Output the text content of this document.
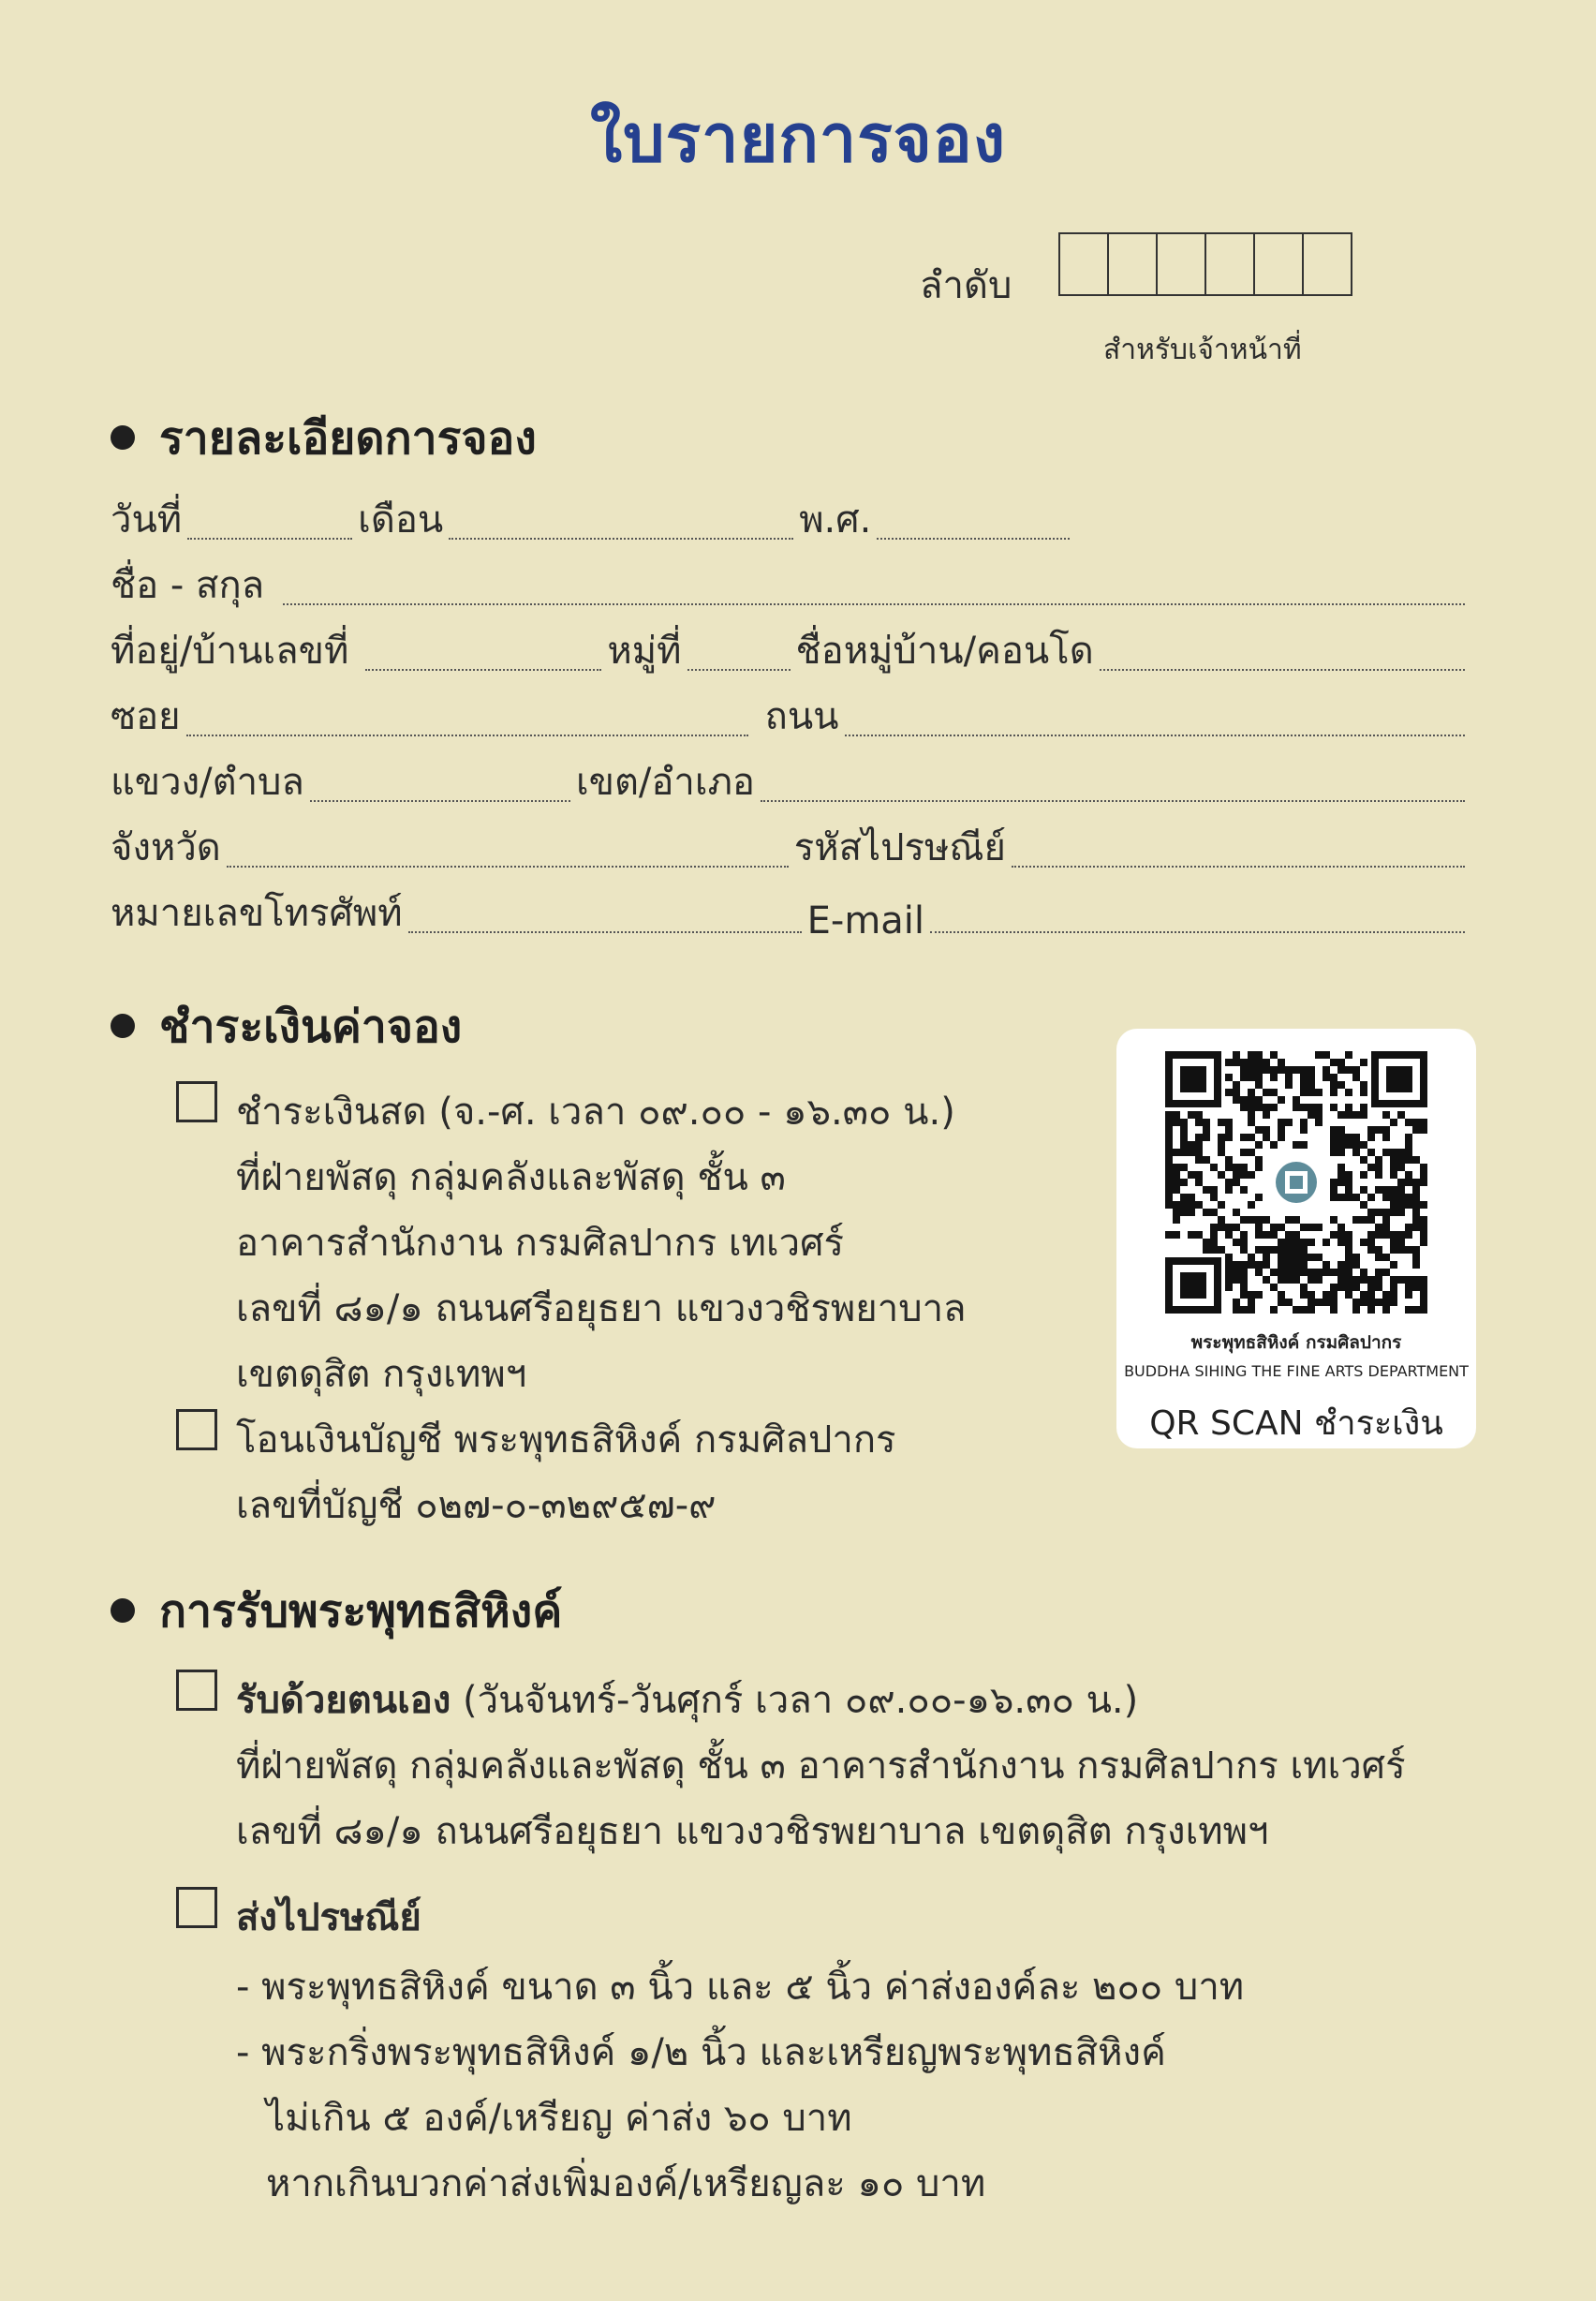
ใบรายการจอง
ลำดับ
สำหรับเจ้าหน้าที่
รายละเอียดการจอง
วันที่	เดือน	พ.ศ.
ชื่อ - สกุล
ที่อยู่/บ้านเลขที่	หมู่ที่	ชื่อหมู่บ้าน/คอนโด
ซอย	ถนน
แขวง/ตำบล	เขต/อำเภอ
จังหวัด	รหัสไปรษณีย์
หมายเลขโทรศัพท์	E-mail
ชำระเงินค่าจอง
ชำระเงินสด (จ.-ศ. เวลา ๐๙.๐๐ - ๑๖.๓๐ น.)
ที่ฝ่ายพัสดุ กลุ่มคลังและพัสดุ ชั้น ๓
อาคารสำนักงาน กรมศิลปากร เทเวศร์
เลขที่ ๘๑/๑ ถนนศรีอยุธยา แขวงวชิรพยาบาล
เขตดุสิต กรุงเทพฯ
โอนเงินบัญชี พระพุทธสิหิงค์ กรมศิลปากร
เลขที่บัญชี ๐๒๗-๐-๓๒๙๕๗-๙
พระพุทธสิหิงค์ กรมศิลปากร
BUDDHA SIHING THE FINE ARTS DEPARTMENT
QR SCAN ชำระเงิน
การรับพระพุทธสิหิงค์
รับด้วยตนเอง (วันจันทร์-วันศุกร์ เวลา ๐๙.๐๐-๑๖.๓๐ น.)
ที่ฝ่ายพัสดุ กลุ่มคลังและพัสดุ ชั้น ๓ อาคารสำนักงาน กรมศิลปากร เทเวศร์
เลขที่ ๘๑/๑ ถนนศรีอยุธยา แขวงวชิรพยาบาล เขตดุสิต กรุงเทพฯ
ส่งไปรษณีย์
- พระพุทธสิหิงค์ ขนาด ๓ นิ้ว และ ๕ นิ้ว ค่าส่งองค์ละ ๒๐๐ บาท
- พระกริ่งพระพุทธสิหิงค์ ๑/๒ นิ้ว และเหรียญพระพุทธสิหิงค์
ไม่เกิน ๕ องค์/เหรียญ ค่าส่ง ๖๐ บาท
หากเกินบวกค่าส่งเพิ่มองค์/เหรียญละ ๑๐ บาท
